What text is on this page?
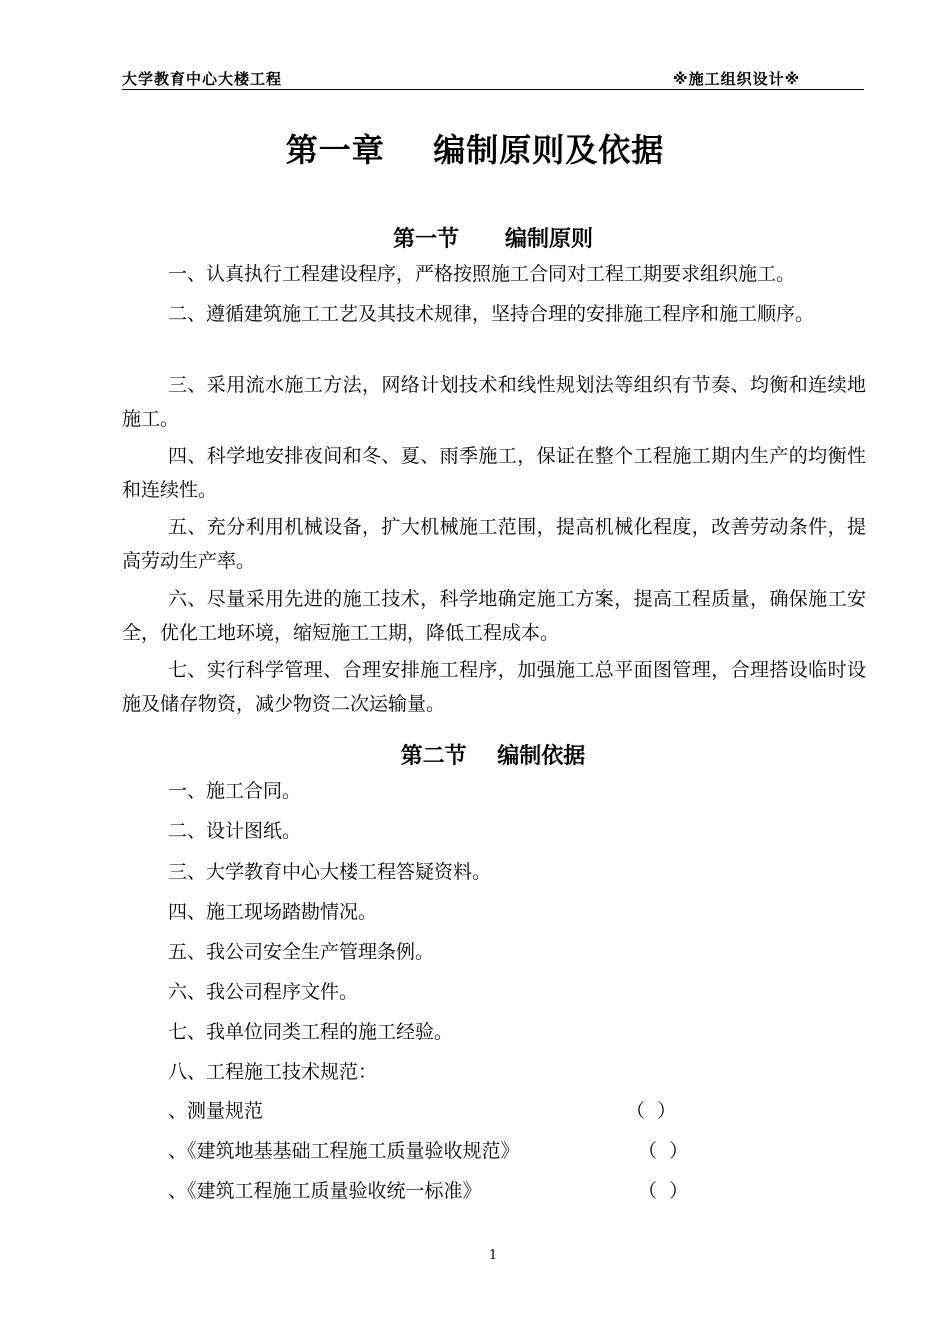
大学教育中心大楼工程	※施工组织设计※
第一章    编制原则及依据
第一节      编制原则
一、认真执行工程建设程序，严格按照施工合同对工程工期要求组织施工。
二、遵循建筑施工工艺及其技术规律，坚持合理的安排施工程序和施工顺序。
三、采用流水施工方法，网络计划技术和线性规划法等组织有节奏、均衡和连续地施工。
四、科学地安排夜间和冬、夏、雨季施工，保证在整个工程施工期内生产的均衡性和连续性。
五、充分利用机械设备，扩大机械施工范围，提高机械化程度，改善劳动条件，提高劳动生产率。
六、尽量采用先进的施工技术，科学地确定施工方案，提高工程质量，确保施工安全，优化工地环境，缩短施工工期，降低工程成本。
七、实行科学管理、合理安排施工程序，加强施工总平面图管理，合理搭设临时设施及储存物资，减少物资二次运输量。
第二节    编制依据
一、施工合同。
二、设计图纸。
三、大学教育中心大楼工程答疑资料。
四、施工现场踏勘情况。
五、我公司安全生产管理条例。
六、我公司程序文件。
七、我单位同类工程的施工经验。
八、工程施工技术规范：
、测量规范	（  ）
、《建筑地基基础工程施工质量验收规范》	（  ）
、《建筑工程施工质量验收统一标准》	（  ）
1
